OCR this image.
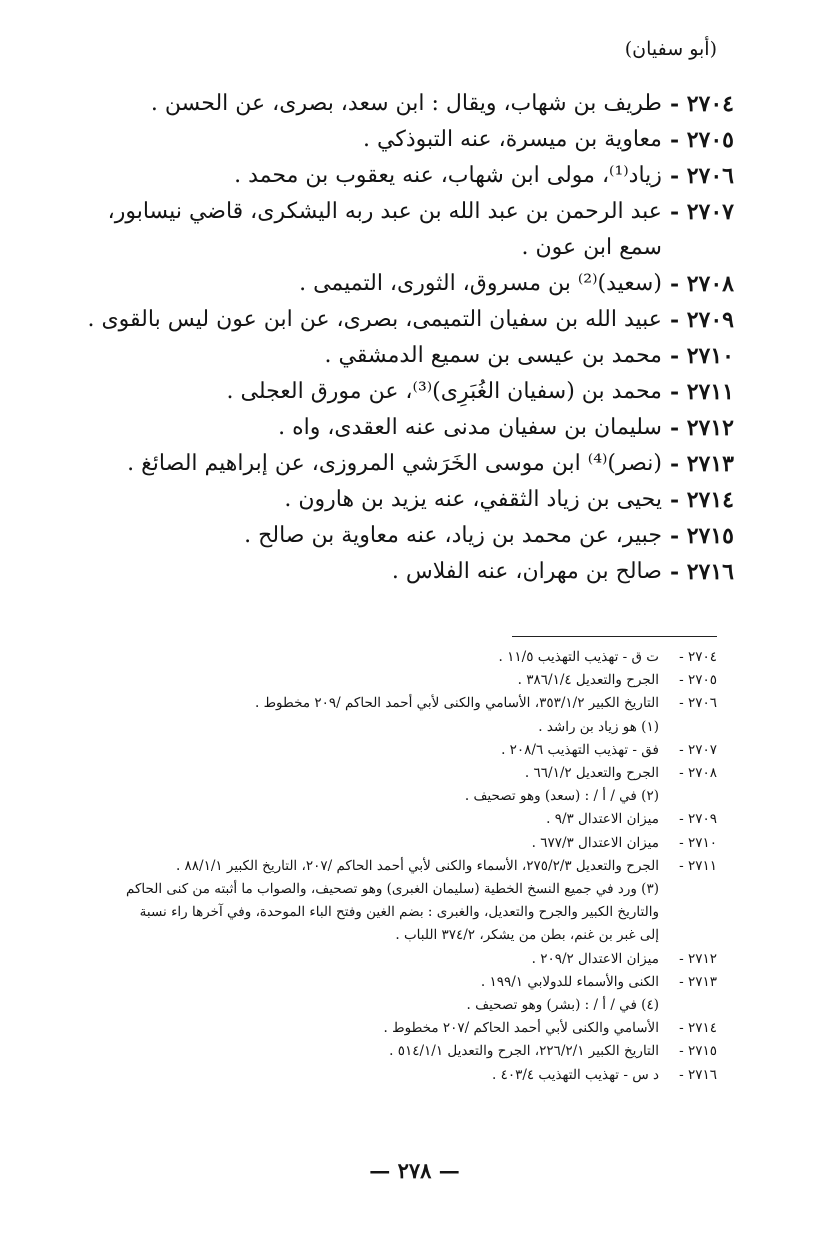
(أبو سفيان)
٢٧٠٤ -
طريف بن شهاب، ويقال : ابن سعد، بصرى، عن الحسن .
٢٧٠٥ -
معاوية بن ميسرة، عنه التبوذكي .
٢٧٠٦ -
زياد⁽¹⁾، مولى ابن شهاب، عنه يعقوب بن محمد .
٢٧٠٧ -
عبد الرحمن بن عبد الله بن عبد ربه اليشكرى، قاضي نيسابور، سمع ابن عون .
٢٧٠٨ -
(سعيد)⁽²⁾ بن مسروق، الثورى، التميمى .
٢٧٠٩ -
عبيد الله بن سفيان التميمى، بصرى، عن ابن عون ليس بالقوى .
٢٧١٠ -
محمد بن عيسى بن سميع الدمشقي .
٢٧١١ -
محمد بن (سفيان الغُبَرِى)⁽³⁾، عن مورق العجلى .
٢٧١٢ -
سليمان بن سفيان مدنى عنه العقدى، واه .
٢٧١٣ -
(نصر)⁽⁴⁾ ابن موسى الخَرَشي المروزى، عن إبراهيم الصائغ .
٢٧١٤ -
يحيى بن زياد الثقفي، عنه يزيد بن هارون .
٢٧١٥ -
جبير، عن محمد بن زياد، عنه معاوية بن صالح .
٢٧١٦ -
صالح بن مهران، عنه الفلاس .
٢٧٠٤ -
ت ق - تهذيب التهذيب ١١/٥ .
٢٧٠٥ -
الجرح والتعديل ٣٨٦/١/٤ .
٢٧٠٦ -
التاريخ الكبير ٣٥٣/١/٢، الأسامي والكنى لأبي أحمد الحاكم /٢٠٩ مخطوط .
(١) هو زياد بن راشد .
٢٧٠٧ -
فق - تهذيب التهذيب ٢٠٨/٦ .
٢٧٠٨ -
الجرح والتعديل ٦٦/١/٢ .
(٢) في / أ / : (سعد) وهو تصحيف .
٢٧٠٩ -
ميزان الاعتدال ٩/٣ .
٢٧١٠ -
ميزان الاعتدال ٦٧٧/٣ .
٢٧١١ -
الجرح والتعديل ٢٧٥/٢/٣، الأسماء والكنى لأبي أحمد الحاكم /٢٠٧، التاريخ الكبير ٨٨/١/١ .
(٣) ورد في جميع النسخ الخطية (سليمان الغبرى) وهو تصحيف، والصواب ما أثبته من كنى الحاكم والتاريخ الكبير والجرح والتعديل، والغبرى : بضم الغين وفتح الباء الموحدة، وفي آخرها راء نسبة إلى غبر بن غنم، بطن من يشكر، ٣٧٤/٢ اللباب .
٢٧١٢ -
ميزان الاعتدال ٢٠٩/٢ .
٢٧١٣ -
الكنى والأسماء للدولابي ١٩٩/١ .
(٤) في / أ / : (بشر) وهو تصحيف .
٢٧١٤ -
الأسامي والكنى لأبي أحمد الحاكم /٢٠٧ مخطوط .
٢٧١٥ -
التاريخ الكبير ٢٢٦/٢/١، الجرح والتعديل ٥١٤/١/١ .
٢٧١٦ -
د س - تهذيب التهذيب ٤٠٣/٤ .
— ٢٧٨ —
